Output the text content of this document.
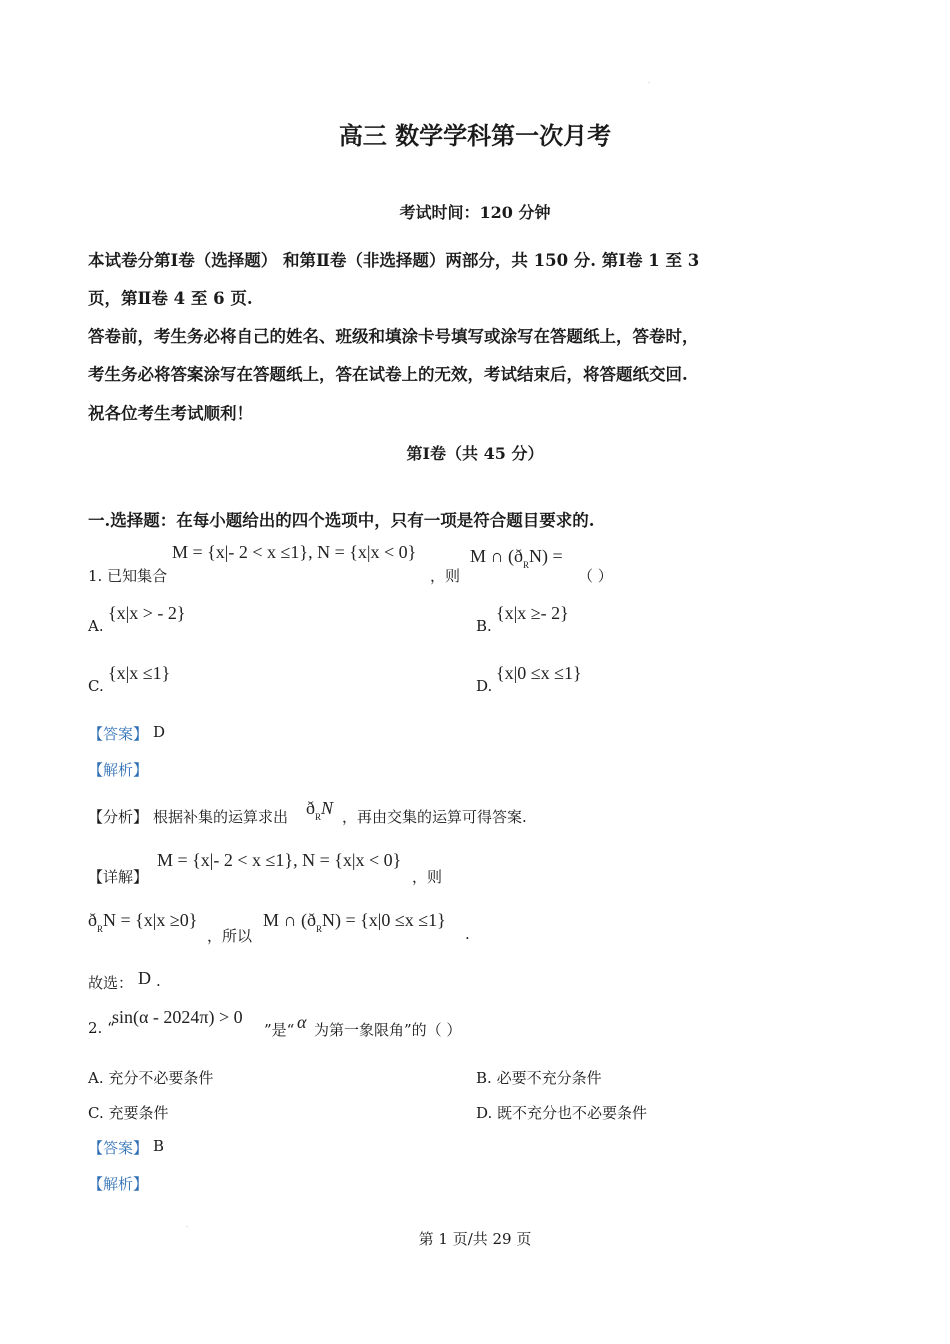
.
高三 数学学科第一次月考
考试时间：120 分钟
本试卷分第Ⅰ卷（选择题） 和第Ⅱ卷（非选择题）两部分，共 150 分. 第Ⅰ卷 1 至 3
页，第Ⅱ卷 4 至 6 页.
答卷前，考生务必将自己的姓名、班级和填涂卡号填写或涂写在答题纸上，答卷时，
考生务必将答案涂写在答题纸上，答在试卷上的无效，考试结束后，将答题纸交回.
祝各位考生考试顺利！
第Ⅰ卷（共 45 分）
一.选择题：在每小题给出的四个选项中，只有一项是符合题目要求的.
1. 已知集合
M = {x|- 2 < x ≤1}, N = {x|x < 0}
，则
M ∩ $(ð_RN)$ =
（ ）
A.
{x|x > - 2}
B.
{x|x ≥- 2}
C.
{x|x ≤1}
D.
{x|0 ≤x ≤1}
【答案】 D
【解析】
【分析】 根据补集的运算求出 $ð_RN$ ，再由交集的运算可得答案.
【详解】
M = {x|- 2 < x ≤1}, N = {x|x < 0}
，则
$ð_RN = \{x|x \ge 0\}$
，所以
M ∩ $(ð_RN) = \{x|0 \le x \le 1\}$
.
故选： D .
2. “
sin(α - 2024π) > 0
”是“ α 为第一象限角”的（ ）
A. 充分不必要条件	B. 必要不充分条件
C. 充要条件	D. 既不充分也不必要条件
【答案】 B
【解析】
.
第 1 页/共 29 页
